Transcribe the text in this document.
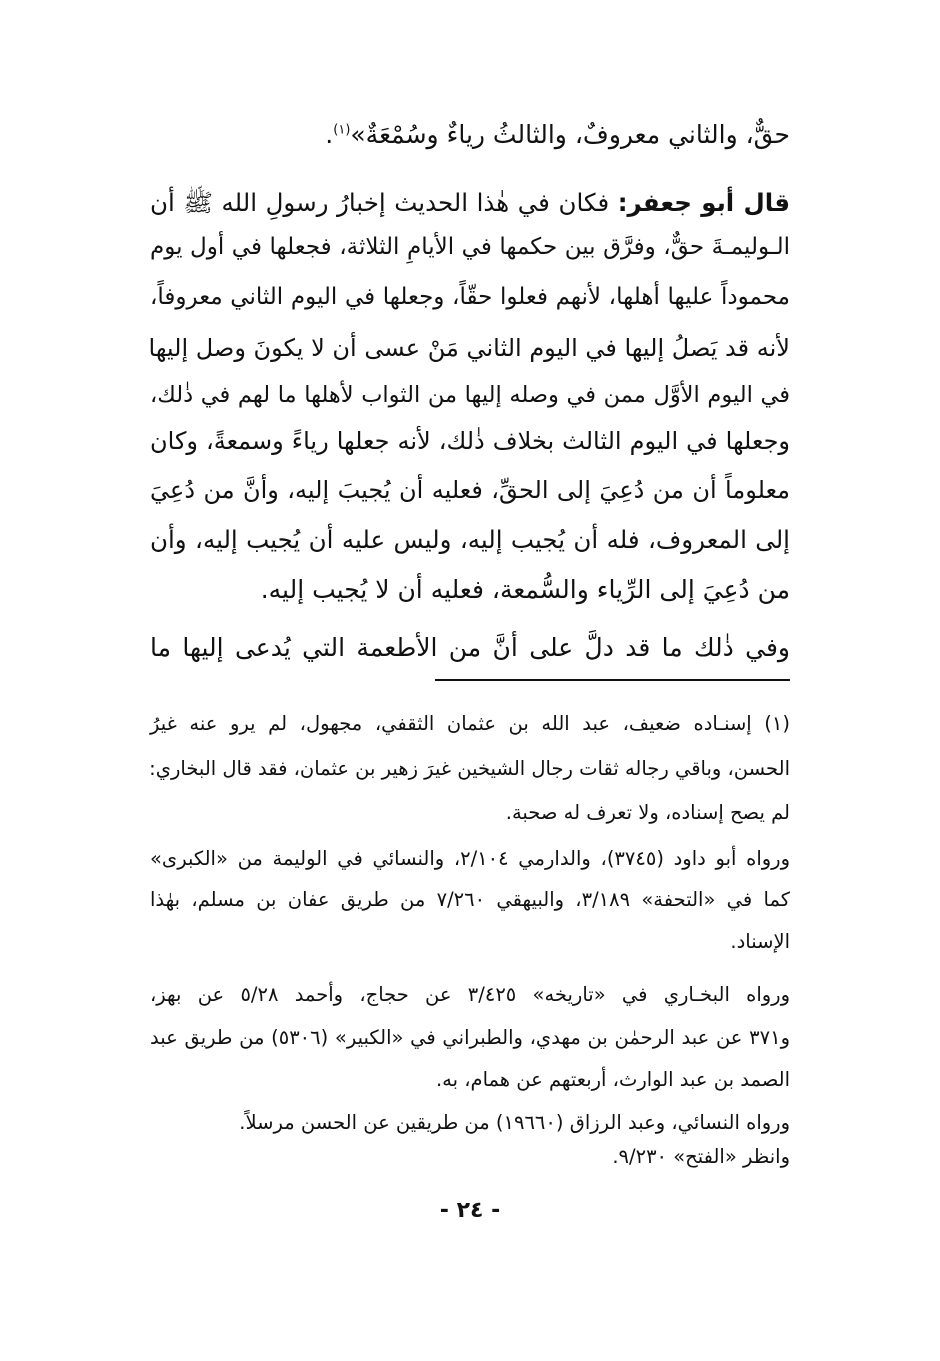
حقٌّ، والثاني معروفٌ، والثالثُ رياءٌ وسُمْعَةٌ»$^{(١)}$.
قال أبو جعفر: فكان في هٰذا الحديث إخبارُ رسولِ الله ﷺ أن
الـوليمـةَ حقٌّ، وفرَّق بين حكمها في الأيامِ الثلاثة، فجعلها في أول يوم
محموداً عليها أهلها، لأنهم فعلوا حقّاً، وجعلها في اليوم الثاني معروفاً،
لأنه قد يَصلُ إليها في اليوم الثاني مَنْ عسى أن لا يكونَ وصل إليها
في اليوم الأوَّل ممن في وصله إليها من الثواب لأهلها ما لهم في ذٰلك،
وجعلها في اليوم الثالث بخلاف ذٰلك، لأنه جعلها رياءً وسمعةً، وكان
معلوماً أن من دُعِيَ إلى الحقِّ، فعليه أن يُجيبَ إليه، وأنَّ من دُعِيَ
إلى المعروف، فله أن يُجيب إليه، وليس عليه أن يُجيب إليه، وأن
من دُعِيَ إلى الرِّياء والسُّمعة، فعليه أن لا يُجيب إليه.
وفي ذٰلك ما قد دلَّ على أنَّ من الأطعمة التي يُدعى إليها ما
(١) إسنـاده ضعيف، عبد الله بن عثمان الثقفي، مجهول، لم يرو عنه غيرُ
الحسن، وباقي رجاله ثقات رجال الشيخين غيرَ زهير بن عثمان، فقد قال البخاري:
لم يصح إسناده، ولا تعرف له صحبة.
ورواه أبو داود (٣٧٤٥)، والدارمي ٢/١٠٤، والنسائي في الوليمة من «الكبرى»
كما في «التحفة» ٣/١٨٩، والبيهقي ٧/٢٦٠ من طريق عفان بن مسلم، بهٰذا
الإسناد.
ورواه البخـاري في «تاريخه» ٣/٤٢٥ عن حجاج، وأحمد ٥/٢٨ عن بهز،
و٣٧١ عن عبد الرحمٰن بن مهدي، والطبراني في «الكبير» (٥٣٠٦) من طريق عبد
الصمد بن عبد الوارث، أربعتهم عن همام، به.
ورواه النسائي، وعبد الرزاق (١٩٦٦٠) من طريقين عن الحسن مرسلاً.
وانظر «الفتح» ٩/٢٣٠.
- ٢٤ -
